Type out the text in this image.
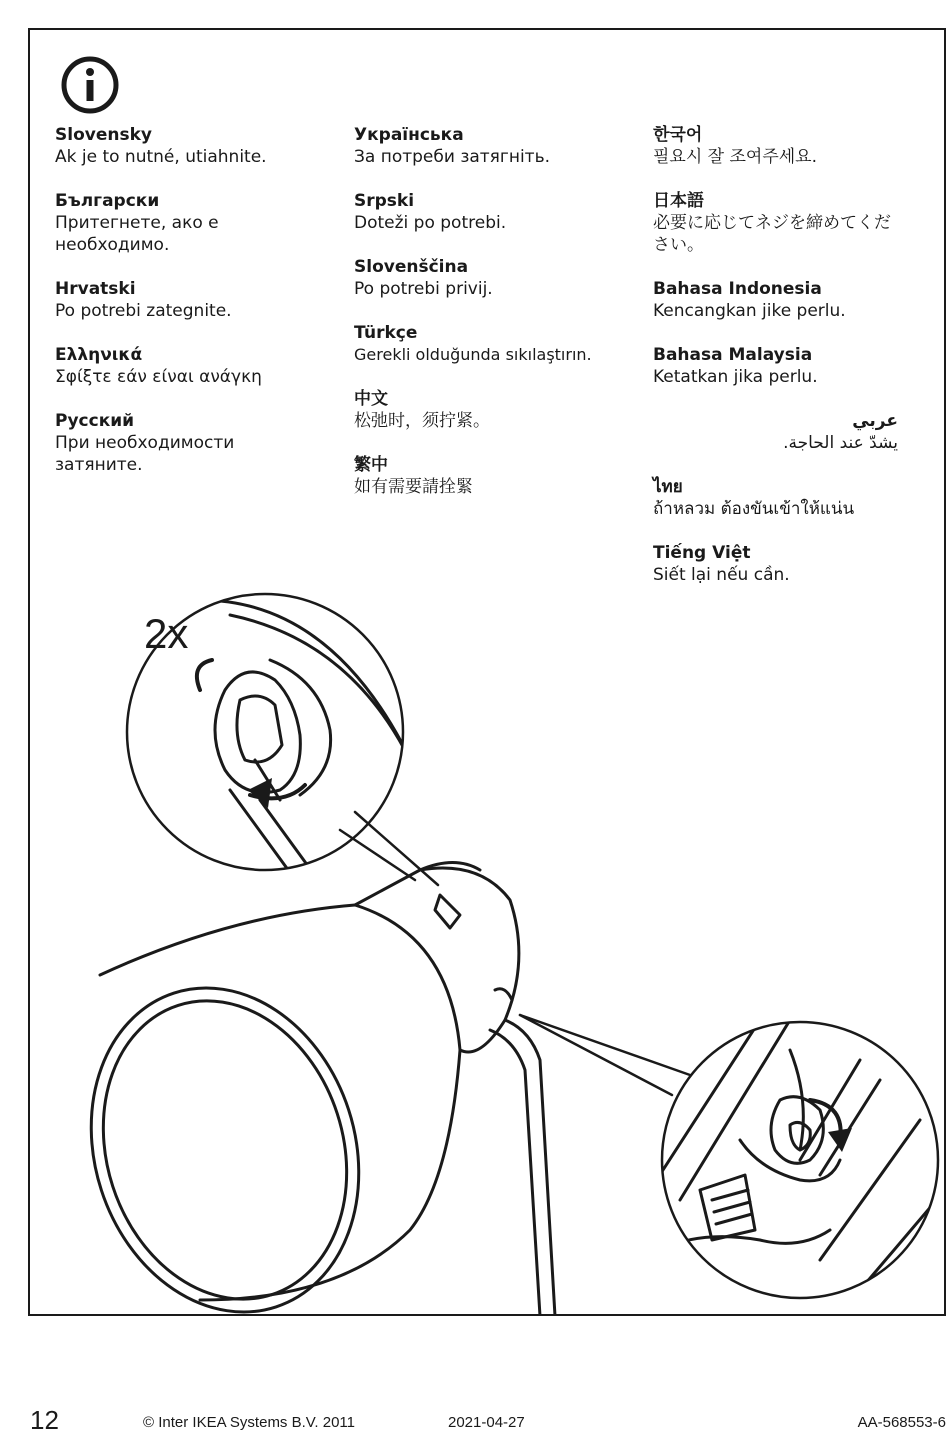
Slovensky
Ak je to nutné, utiahnite.
Български
Притегнете, ако е необходимо.
Hrvatski
Po potrebi zategnite.
Ελληνικά
Σφίξτε εάν είναι ανάγκη
Русский
При необходимости затяните.
Українська
За потреби затягніть.
Srpski
Doteži po potrebi.
Slovenščina
Po potrebi privij.
Türkçe
Gerekli olduğunda sıkılaştırın.
中文
松弛时，须拧紧。
繁中
如有需要請拴緊
한국어
필요시 잘 조여주세요.
日本語
必要に応じてネジを締めてください。
Bahasa Indonesia
Kencangkan jike perlu.
Bahasa Malaysia
Ketatkan jika perlu.
عربي
يشدّ عند الحاجة.
ไทย
ถ้าหลวม ต้องขันเข้าให้แน่น
Tiếng Việt
Siết lại nếu cần.
2x
12	© Inter IKEA Systems B.V. 2011	2021-04-27	AA-568553-6
